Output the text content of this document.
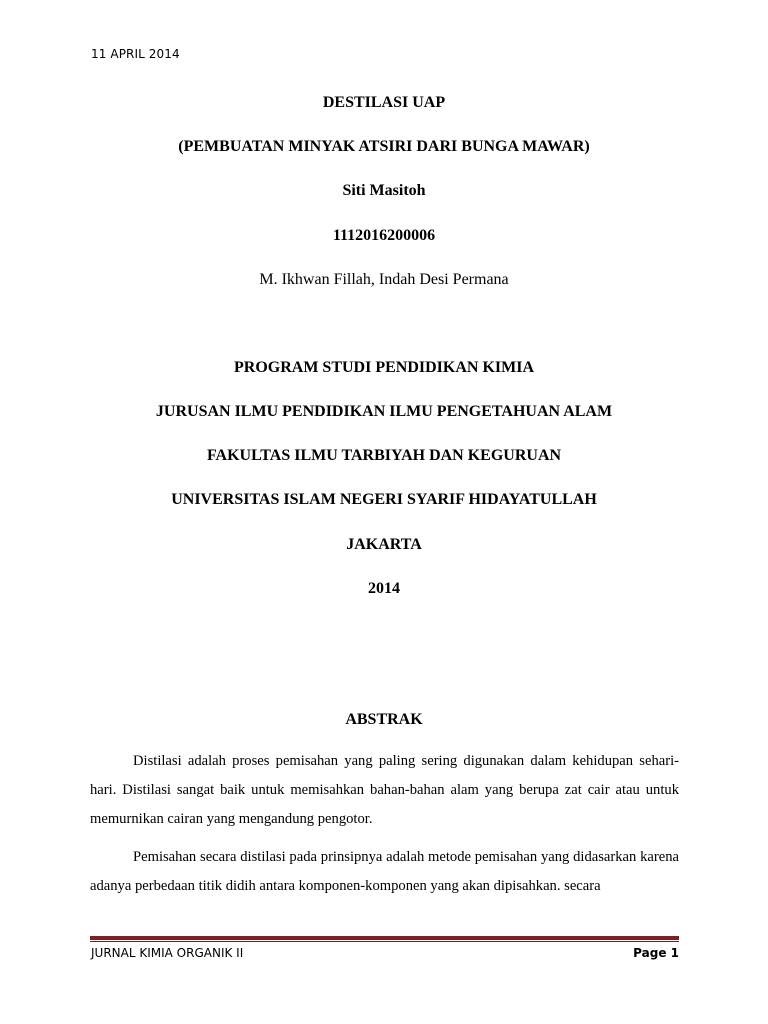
11 APRIL 2014
DESTILASI UAP
(PEMBUATAN MINYAK ATSIRI DARI BUNGA MAWAR)
Siti Masitoh
1112016200006
M. Ikhwan Fillah, Indah Desi Permana
PROGRAM STUDI PENDIDIKAN KIMIA
JURUSAN ILMU PENDIDIKAN ILMU PENGETAHUAN ALAM
FAKULTAS ILMU TARBIYAH DAN KEGURUAN
UNIVERSITAS ISLAM NEGERI SYARIF HIDAYATULLAH
JAKARTA
2014
ABSTRAK
Distilasi adalah proses pemisahan yang paling sering digunakan dalam kehidupan sehari-hari. Distilasi sangat baik untuk memisahkan bahan-bahan alam yang berupa zat cair atau untuk memurnikan cairan yang mengandung pengotor.
Pemisahan secara distilasi pada prinsipnya adalah metode pemisahan yang didasarkan karena adanya perbedaan titik didih antara komponen-komponen yang akan dipisahkan. secara
JURNAL KIMIA ORGANIK II	Page 1
